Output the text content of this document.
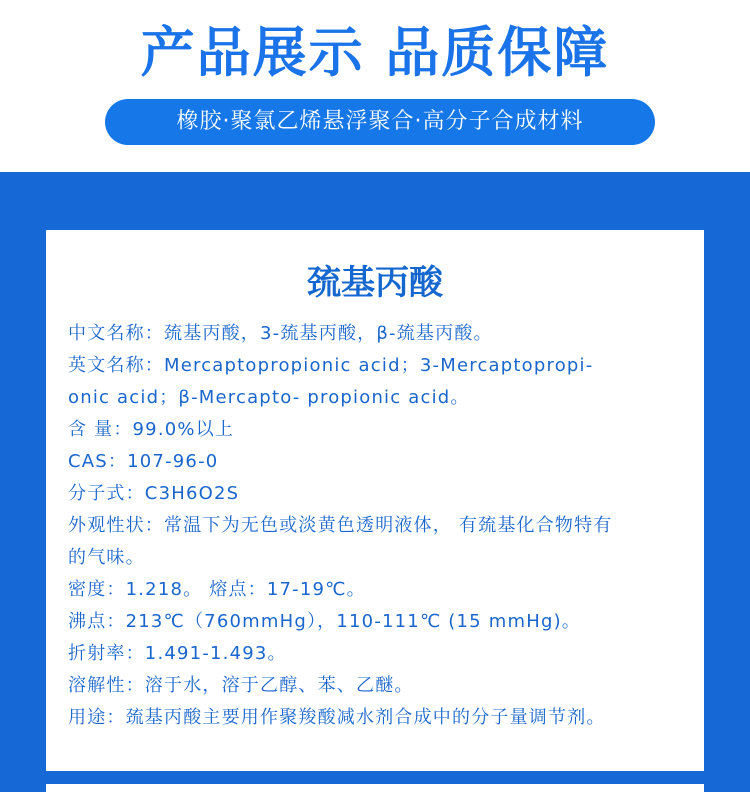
产品展示 品质保障
橡胶·聚氯乙烯悬浮聚合·高分子合成材料
巯基丙酸
中文名称：巯基丙酸，3-巯基丙酸，β-巯基丙酸。
英文名称：Mercaptopropionic acid；3-Mercaptopropi-
onic acid；β-Mercapto- propionic acid。
含 量：99.0%以上
CAS：107-96-0
分子式：C3H6O2S
外观性状：常温下为无色或淡黄色透明液体， 有巯基化合物特有
的气味。
密度：1.218。 熔点：17-19℃。
沸点：213℃（760mmHg），110-111℃ (15 mmHg)。
折射率：1.491-1.493。
溶解性：溶于水，溶于乙醇、苯、乙醚。
用途：巯基丙酸主要用作聚羧酸减水剂合成中的分子量调节剂。
